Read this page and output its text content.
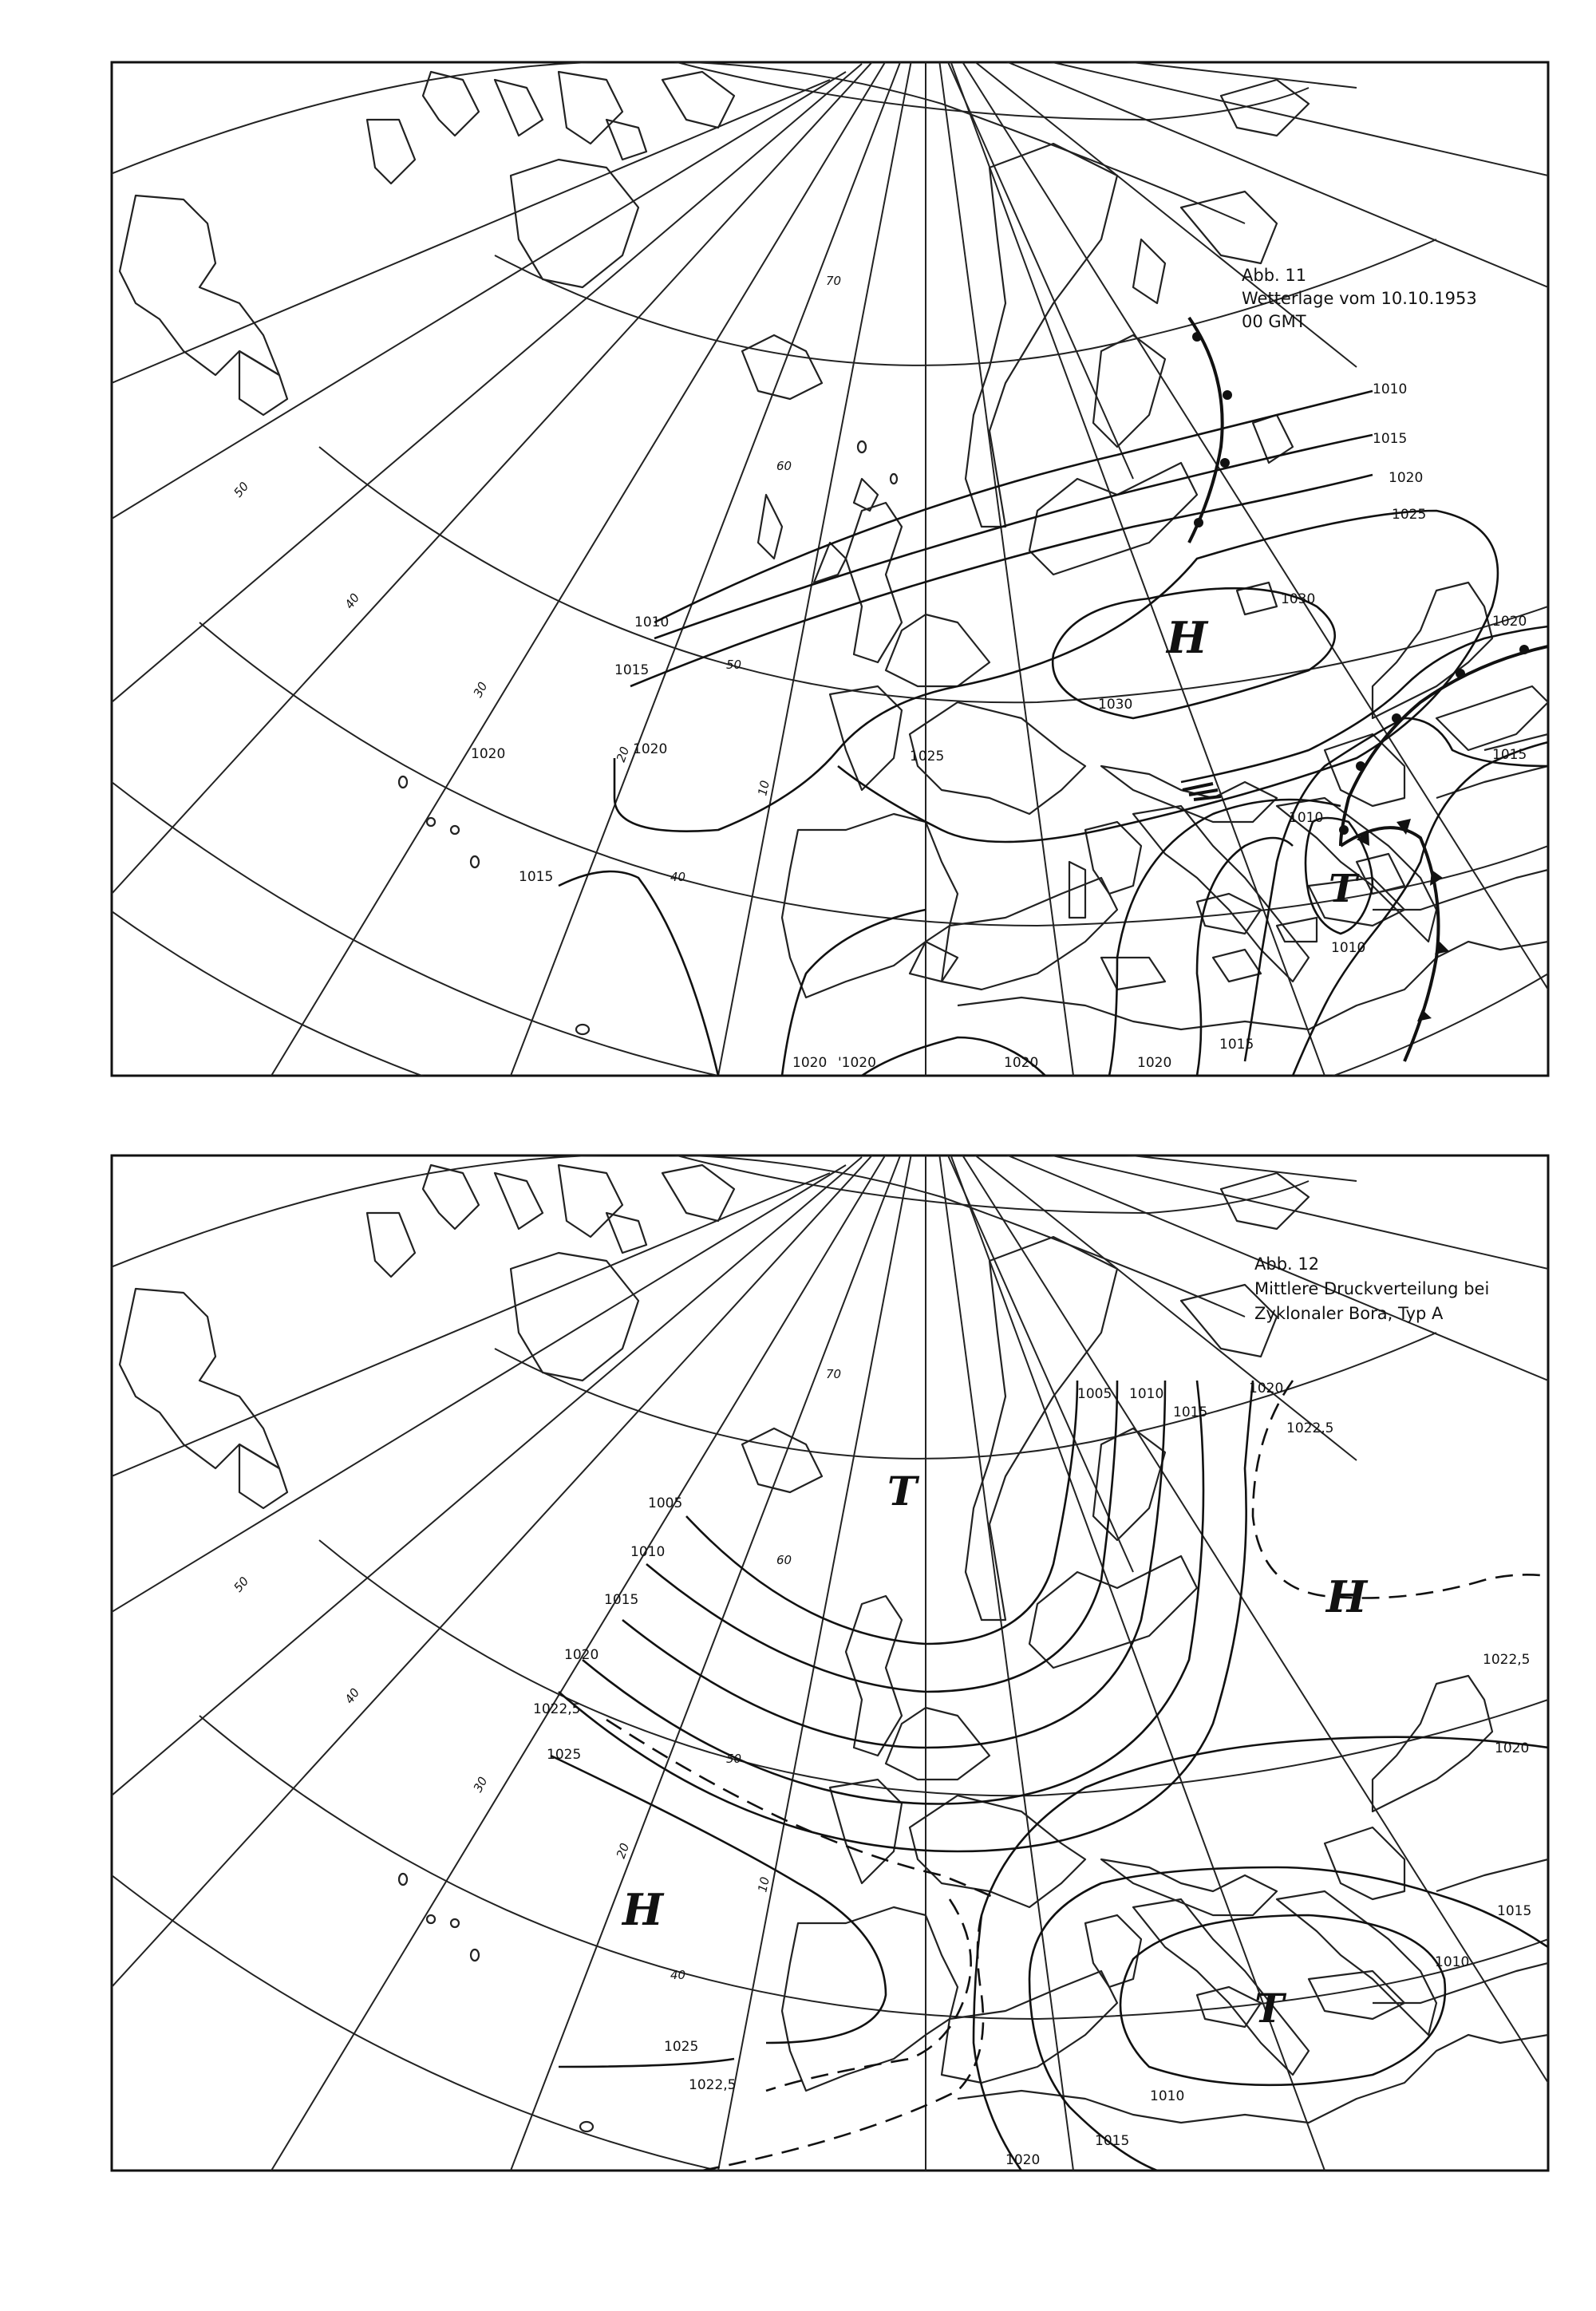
70
60
50
40
50
40
30
20
10
1010
1015
1020
1025
1030
1030
1010
1015
1020	1025
1020
1015
1010
1010
1015
1020 '1020	1020	1020
1015
1020
H
T
Abb. 11
Wetterlage vom 10.10.1953
00 GMT
70
60
50
40
50
40
30
20
10
1005
1010
1015
1020
1022,5
1005 1010
1015
1020
1022,5
1025
1022,5
1020
1015
1010
1025
1022,5
1010
1015
1020
T
H
H
T
Abb. 12
Mittlere Druckverteilung bei
Zyklonaler Bora, Typ A
